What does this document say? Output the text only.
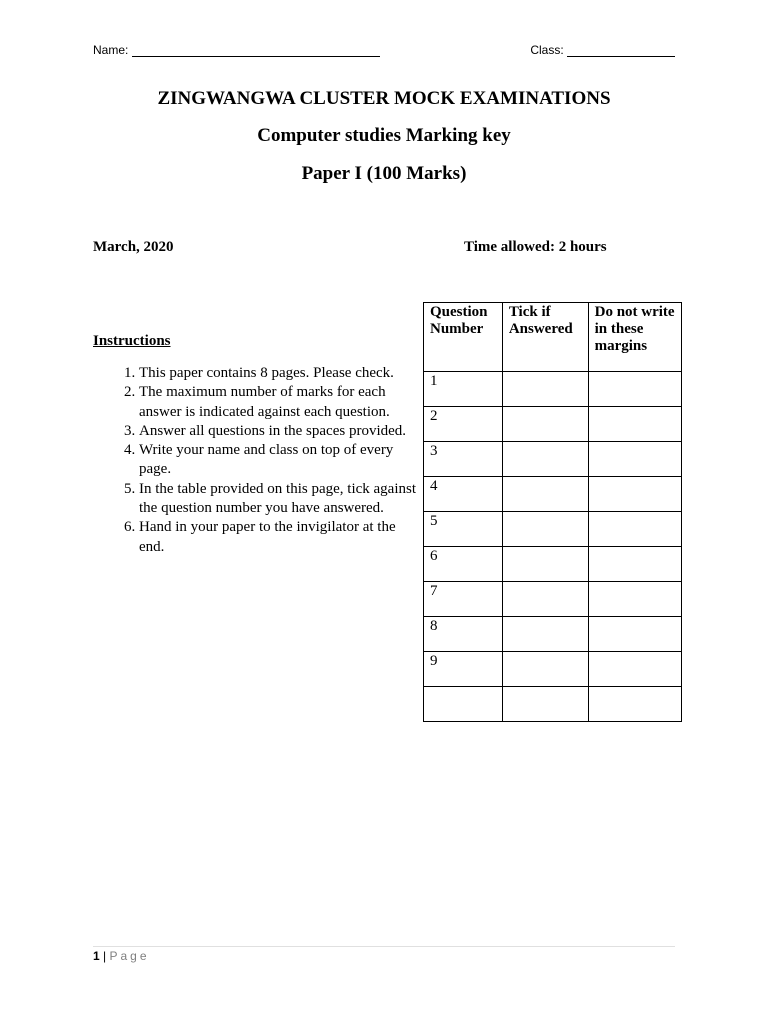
Name:	Class:
ZINGWANGWA CLUSTER MOCK EXAMINATIONS
Computer studies Marking key
Paper I (100 Marks)
March, 2020	Time allowed: 2 hours
Instructions
1. This paper contains 8 pages. Please check.
2. The maximum number of marks for each answer is indicated against each question.
3. Answer all questions in the spaces provided.
4. Write your name and class on top of every page.
5. In the table provided on this page, tick against the question number you have answered.
6. Hand in your paper to the invigilator at the end.
Question Number	Tick if Answered	Do not write in these margins
1		
2		
3		
4		
5		
6		
7		
8		
9		

1 | Page
